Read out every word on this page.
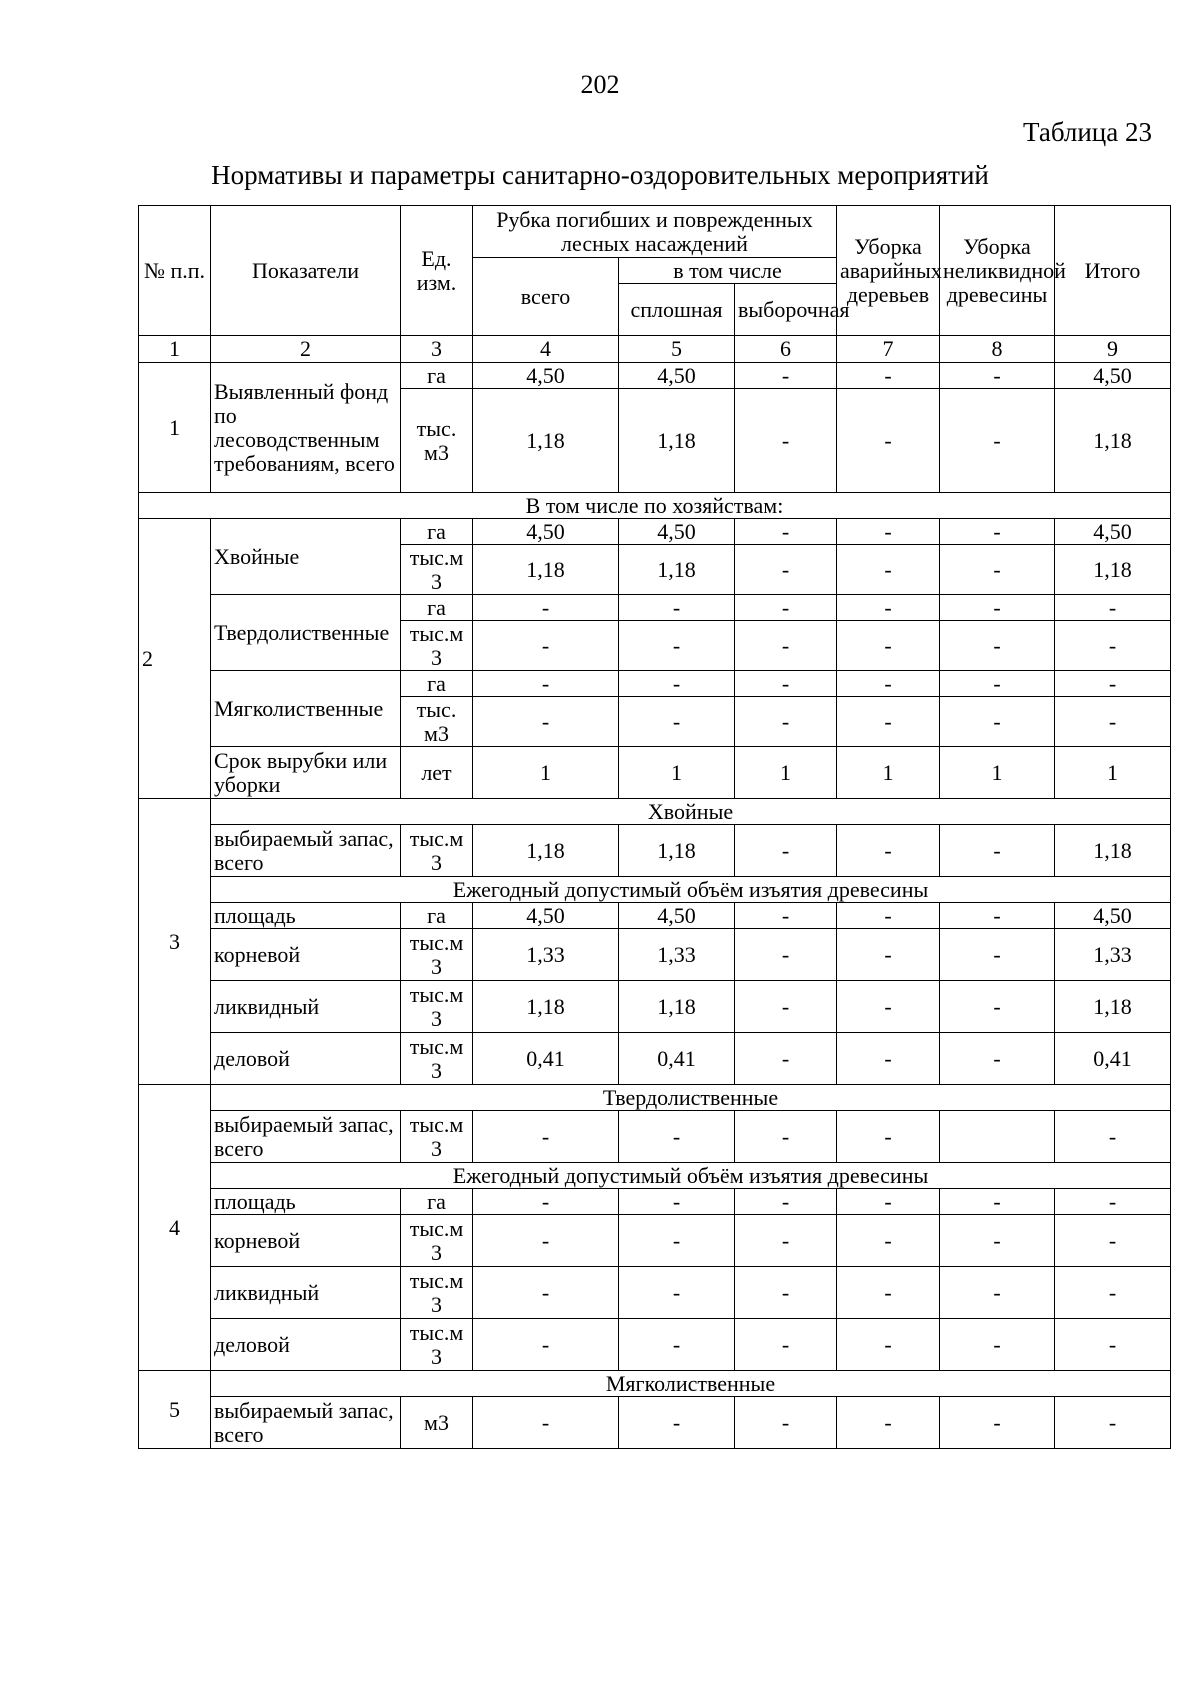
202
Таблица 23
Нормативы и параметры санитарно-оздоровительных мероприятий
№ п.п.	Показатели	Ед. изм.	Рубка погибших и поврежденных лесных насаждений			Уборка аварийных деревьев	Уборка неликвидной древесины	Итого
			всего	в том числе				
				сплошная	выборочная			
1	2	3	4	5	6	7	8	9
1	Выявленный фонд по лесоводственным требованиям, всего	га	4,50	4,50	-	-	-	4,50
		тыс. м3	1,18	1,18	-	-	-	1,18
В том числе по хозяйствам:								
2	Хвойные	га	4,50	4,50	-	-	-	4,50
		тыс.м 3	1,18	1,18	-	-	-	1,18
	Твердолиственные	га	-	-	-	-	-	-
		тыс.м 3	-	-	-	-	-	-
	Мягколиственные	га	-	-	-	-	-	-
		тыс. м3	-	-	-	-	-	-
	Срок вырубки или уборки	лет	1	1	1	1	1	1
3	Хвойные							
	выбираемый запас, всего	тыс.м 3	1,18	1,18	-	-	-	1,18
	Ежегодный допустимый объём изъятия древесины							
	площадь	га	4,50	4,50	-	-	-	4,50
	корневой	тыс.м 3	1,33	1,33	-	-	-	1,33
	ликвидный	тыс.м 3	1,18	1,18	-	-	-	1,18
	деловой	тыс.м 3	0,41	0,41	-	-	-	0,41
4	Твердолиственные							
	выбираемый запас, всего	тыс.м 3	-	-	-	-		-
	Ежегодный допустимый объём изъятия древесины							
	площадь	га	-	-	-	-	-	-
	корневой	тыс.м 3	-	-	-	-	-	-
	ликвидный	тыс.м 3	-	-	-	-	-	-
	деловой	тыс.м 3	-	-	-	-	-	-
5	Мягколиственные							
	выбираемый запас, всего	м3	-	-	-	-	-	-
